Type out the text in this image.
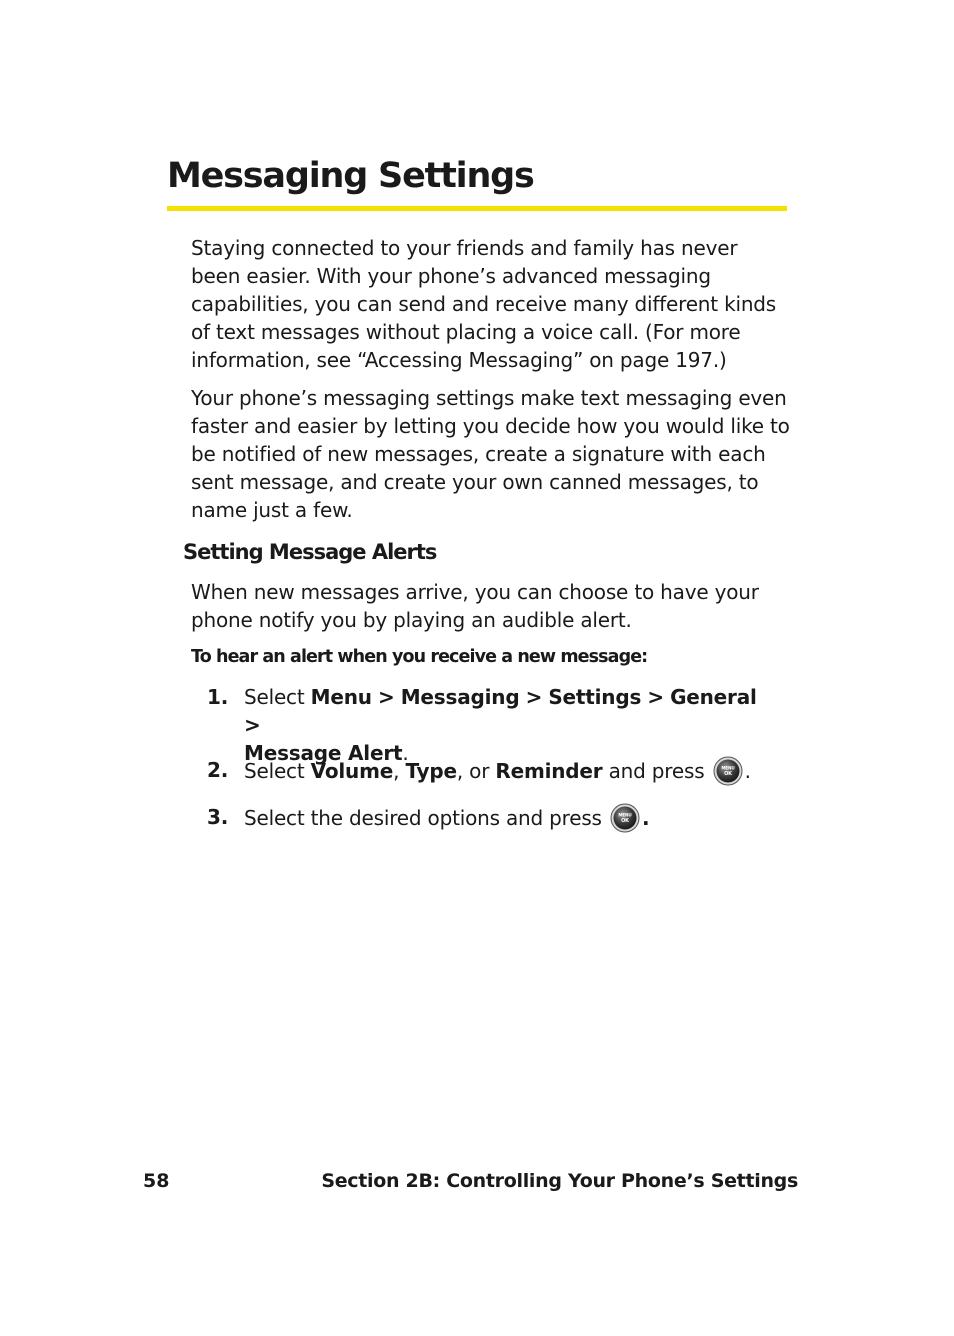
Messaging Settings

Staying connected to your friends and family has never been easier. With your phone’s advanced messaging capabilities, you can send and receive many different kinds of text messages without placing a voice call. (For more information, see “Accessing Messaging” on page 197.)

Your phone’s messaging settings make text messaging even faster and easier by letting you decide how you would like to be notified of new messages, create a signature with each sent message, and create your own canned messages, to name just a few.

Setting Message Alerts

When new messages arrive, you can choose to have your phone notify you by playing an audible alert.

To hear an alert when you receive a new message:
1. Select Menu > Messaging > Settings > General >
Message Alert.
2. Select Volume, Type, or Reminder and press	MENU
OK .
3. Select the desired options and press	MENU
OK .
58	Section 2B: Controlling Your Phone’s Settings
